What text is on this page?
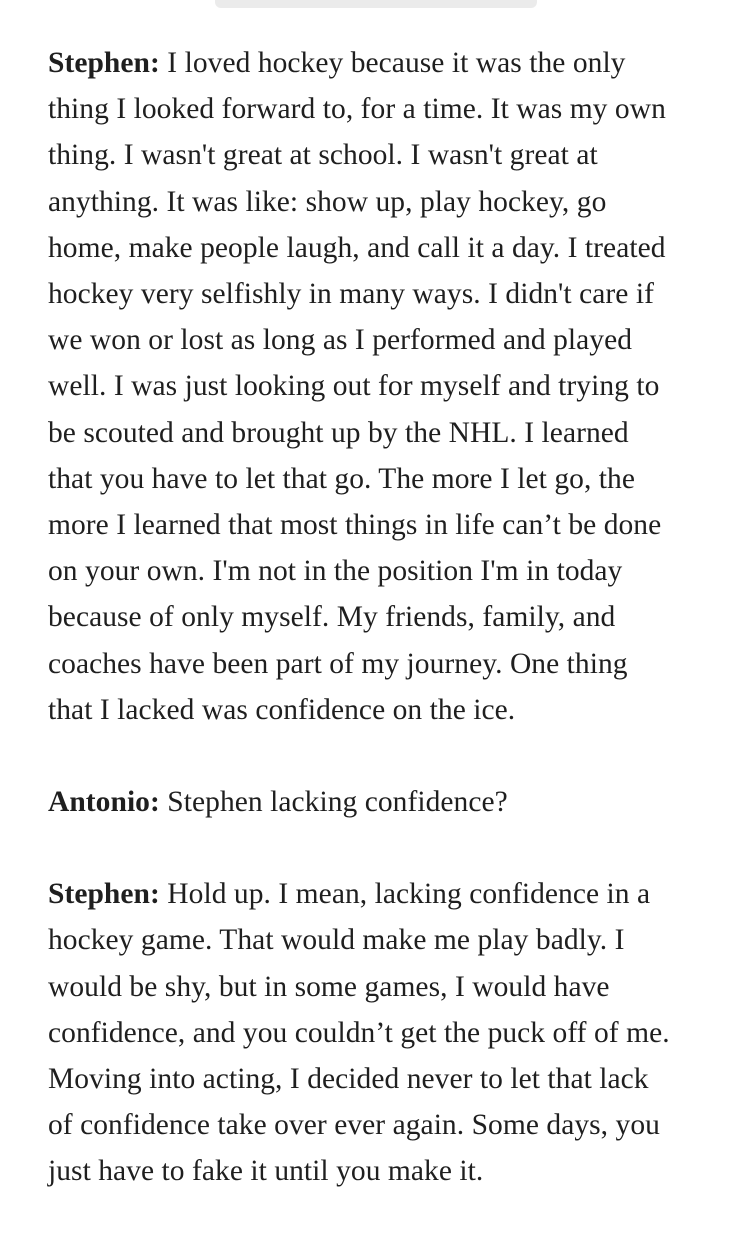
Stephen: I loved hockey because it was the only
thing I looked forward to, for a time. It was my own
thing. I wasn't great at school. I wasn't great at
anything. It was like: show up, play hockey, go
home, make people laugh, and call it a day. I treated
hockey very selfishly in many ways. I didn't care if
we won or lost as long as I performed and played
well. I was just looking out for myself and trying to
be scouted and brought up by the NHL. I learned
that you have to let that go. The more I let go, the
more I learned that most things in life can’t be done
on your own. I'm not in the position I'm in today
because of only myself. My friends, family, and
coaches have been part of my journey. One thing
that I lacked was confidence on the ice.

Antonio: Stephen lacking confidence?

Stephen: Hold up. I mean, lacking confidence in a
hockey game. That would make me play badly. I
would be shy, but in some games, I would have
confidence, and you couldn’t get the puck off of me.
Moving into acting, I decided never to let that lack
of confidence take over ever again. Some days, you
just have to fake it until you make it.
